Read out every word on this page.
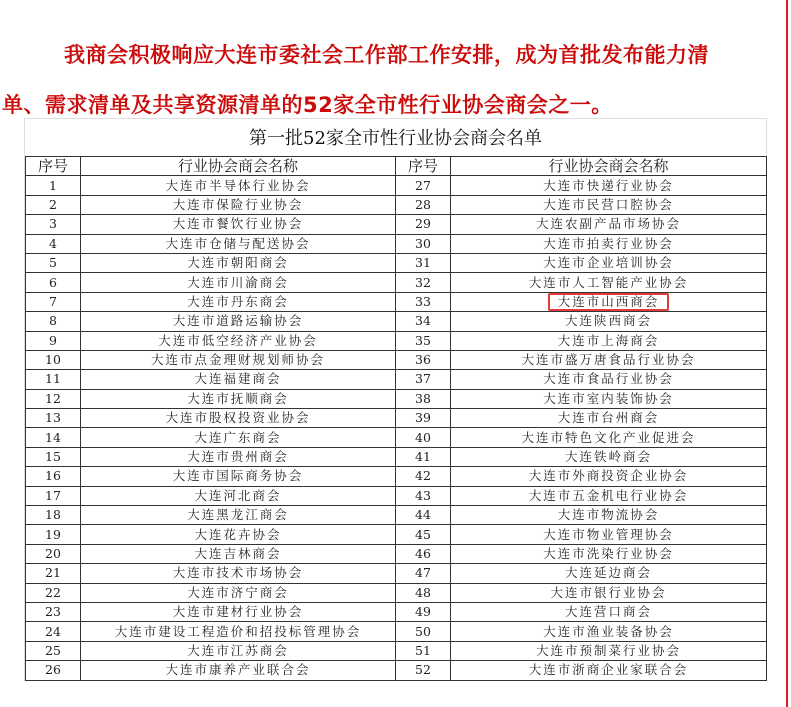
我商会积极响应大连市委社会工作部工作安排，成为首批发布能力清
单、需求清单及共享资源清单的52家全市性行业协会商会之一。
第一批52家全市性行业协会商会名单
序号	行业协会商会名称	序号	行业协会商会名称
1	大连市半导体行业协会	27	大连市快递行业协会
2	大连市保险行业协会	28	大连市民营口腔协会
3	大连市餐饮行业协会	29	大连农副产品市场协会
4	大连市仓储与配送协会	30	大连市拍卖行业协会
5	大连市朝阳商会	31	大连市企业培训协会
6	大连市川渝商会	32	大连市人工智能产业协会
7	大连市丹东商会	33	大连市山西商会
8	大连市道路运输协会	34	大连陕西商会
9	大连市低空经济产业协会	35	大连市上海商会
10	大连市点金理财规划师协会	36	大连市盛万唐食品行业协会
11	大连福建商会	37	大连市食品行业协会
12	大连市抚顺商会	38	大连市室内装饰协会
13	大连市股权投资业协会	39	大连市台州商会
14	大连广东商会	40	大连市特色文化产业促进会
15	大连市贵州商会	41	大连铁岭商会
16	大连市国际商务协会	42	大连市外商投资企业协会
17	大连河北商会	43	大连市五金机电行业协会
18	大连黑龙江商会	44	大连市物流协会
19	大连花卉协会	45	大连市物业管理协会
20	大连吉林商会	46	大连市洗染行业协会
21	大连市技术市场协会	47	大连延边商会
22	大连市济宁商会	48	大连市银行业协会
23	大连市建材行业协会	49	大连营口商会
24	大连市建设工程造价和招投标管理协会	50	大连市渔业装备协会
25	大连市江苏商会	51	大连市预制菜行业协会
26	大连市康养产业联合会	52	大连市浙商企业家联合会
